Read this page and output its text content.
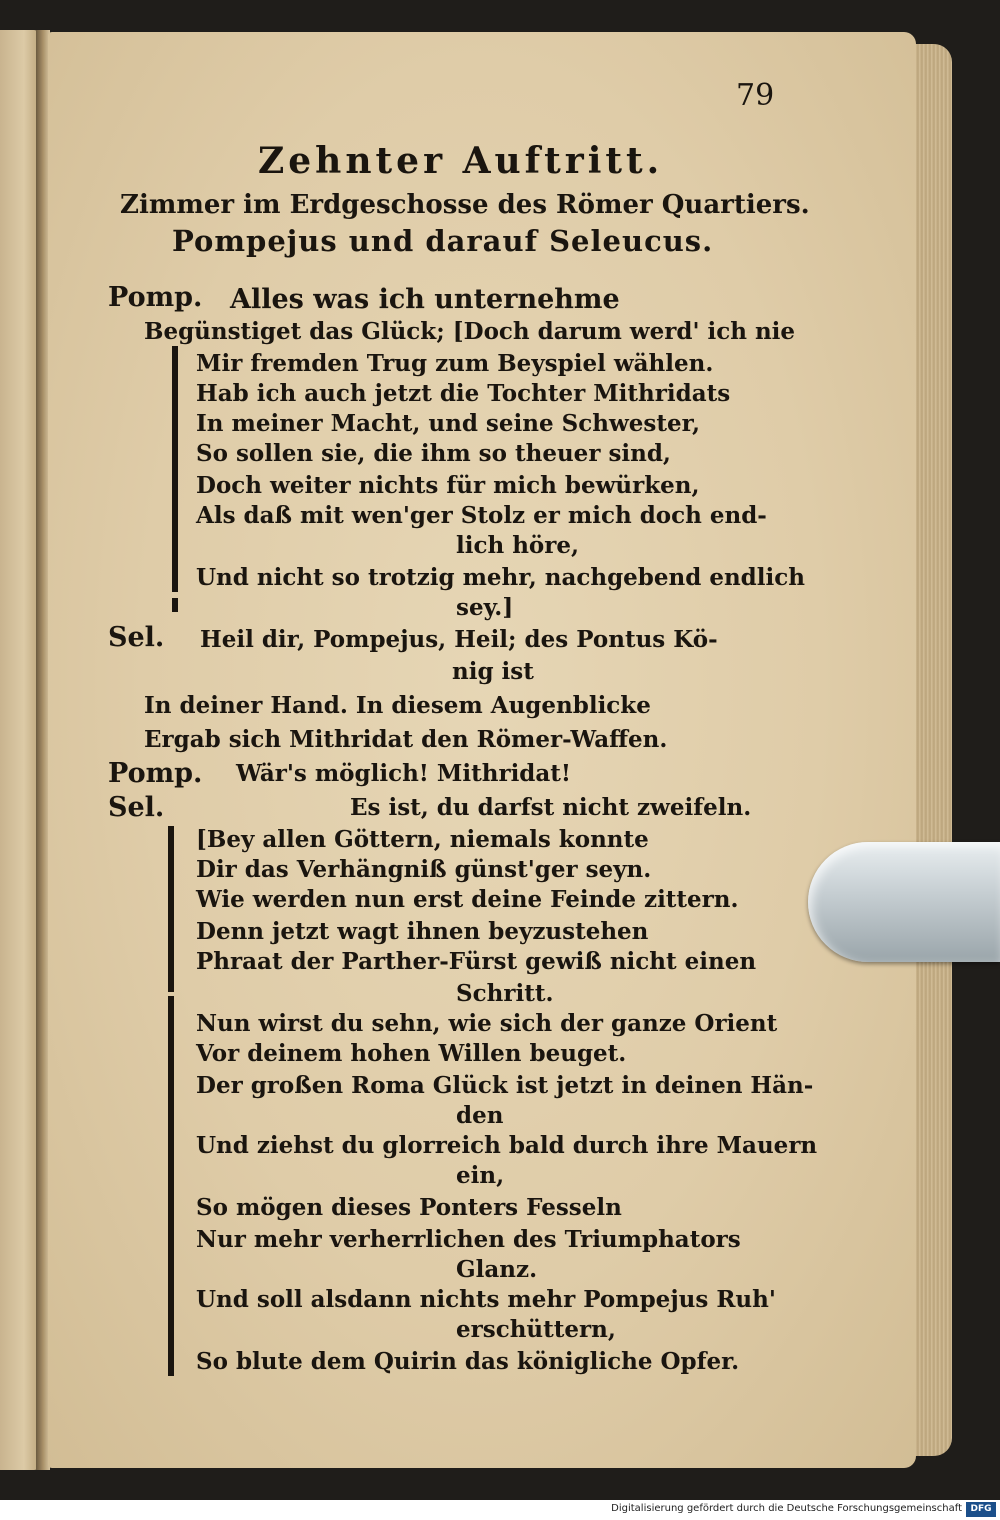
79
Zehnter Auftritt.
Zimmer im Erdgeschosse des Römer Quartiers.
Pompejus und darauf Seleucus.
Pomp.
Sel.
Pomp.
Sel.
Alles was ich unternehme
Begünstiget das Glück; [Doch darum werd' ich nie
Mir fremden Trug zum Beyspiel wählen.
Hab ich auch jetzt die Tochter Mithridats
In meiner Macht, und seine Schwester,
So sollen sie, die ihm so theuer sind,
Doch weiter nichts für mich bewürken,
Als daß mit wen'ger Stolz er mich doch end-
lich höre,
Und nicht so trotzig mehr, nachgebend endlich
sey.]
Heil dir, Pompejus, Heil; des Pontus Kö-
nig ist
In deiner Hand. In diesem Augenblicke
Ergab sich Mithridat den Römer-Waffen.
Wär's möglich! Mithridat!
Es ist, du darfst nicht zweifeln.
[Bey allen Göttern, niemals konnte
Dir das Verhängniß günst'ger seyn.
Wie werden nun erst deine Feinde zittern.
Denn jetzt wagt ihnen beyzustehen
Phraat der Parther-Fürst gewiß nicht einen
Schritt.
Nun wirst du sehn, wie sich der ganze Orient
Vor deinem hohen Willen beuget.
Der großen Roma Glück ist jetzt in deinen Hän-
den
Und ziehst du glorreich bald durch ihre Mauern
ein,
So mögen dieses Ponters Fesseln
Nur mehr verherrlichen des Triumphators
Glanz.
Und soll alsdann nichts mehr Pompejus Ruh'
erschüttern,
So blute dem Quirin das königliche Opfer.
Digitalisierung gefördert durch die Deutsche Forschungsgemeinschaft DFG
